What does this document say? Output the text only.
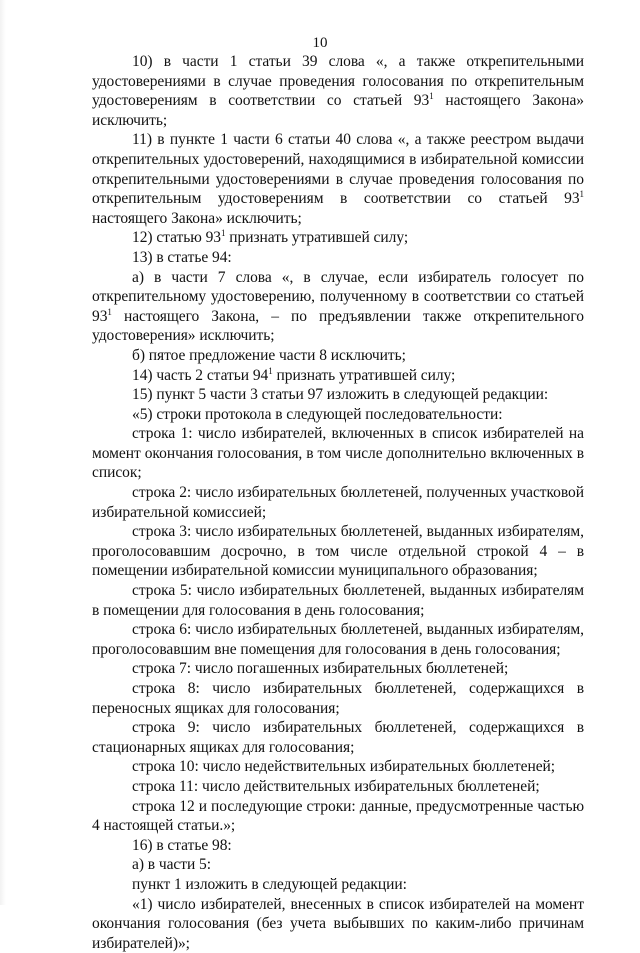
10

10) в части 1 статьи 39 слова «, а также открепительными удостоверениями в случае проведения голосования по открепительным удостоверениям в соответствии со статьей $93^1$ настоящего Закона» исключить;

11) в пункте 1 части 6 статьи 40 слова «, а также реестром выдачи открепительных удостоверений, находящимися в избирательной комиссии открепительными удостоверениями в случае проведения голосования по открепительным удостоверениям в соответствии со статьей $93^1$ настоящего Закона» исключить;

12) статью $93^1$ признать утратившей силу;

13) в статье 94:

а) в части 7 слова «, в случае, если избиратель голосует по открепительному удостоверению, полученному в соответствии со статьей $93^1$ настоящего Закона, – по предъявлении также открепительного удостоверения» исключить;

б) пятое предложение части 8 исключить;

14) часть 2 статьи $94^1$ признать утратившей силу;

15) пункт 5 части 3 статьи 97 изложить в следующей редакции:

«5) строки протокола в следующей последовательности:

строка 1: число избирателей, включенных в список избирателей на момент окончания голосования, в том числе дополнительно включенных в список;

строка 2: число избирательных бюллетеней, полученных участковой избирательной комиссией;

строка 3: число избирательных бюллетеней, выданных избирателям, проголосовавшим досрочно, в том числе отдельной строкой 4 – в помещении избирательной комиссии муниципального образования;

строка 5: число избирательных бюллетеней, выданных избирателям в помещении для голосования в день голосования;

строка 6: число избирательных бюллетеней, выданных избирателям, проголосовавшим вне помещения для голосования в день голосования;

строка 7: число погашенных избирательных бюллетеней;

строка 8: число избирательных бюллетеней, содержащихся в переносных ящиках для голосования;

строка 9: число избирательных бюллетеней, содержащихся в стационарных ящиках для голосования;

строка 10: число недействительных избирательных бюллетеней;

строка 11: число действительных избирательных бюллетеней;

строка 12 и последующие строки: данные, предусмотренные частью 4 настоящей статьи.»;

16) в статье 98:

а) в части 5:

пункт 1 изложить в следующей редакции:

«1) число избирателей, внесенных в список избирателей на момент окончания голосования (без учета выбывших по каким-либо причинам избирателей)»;
